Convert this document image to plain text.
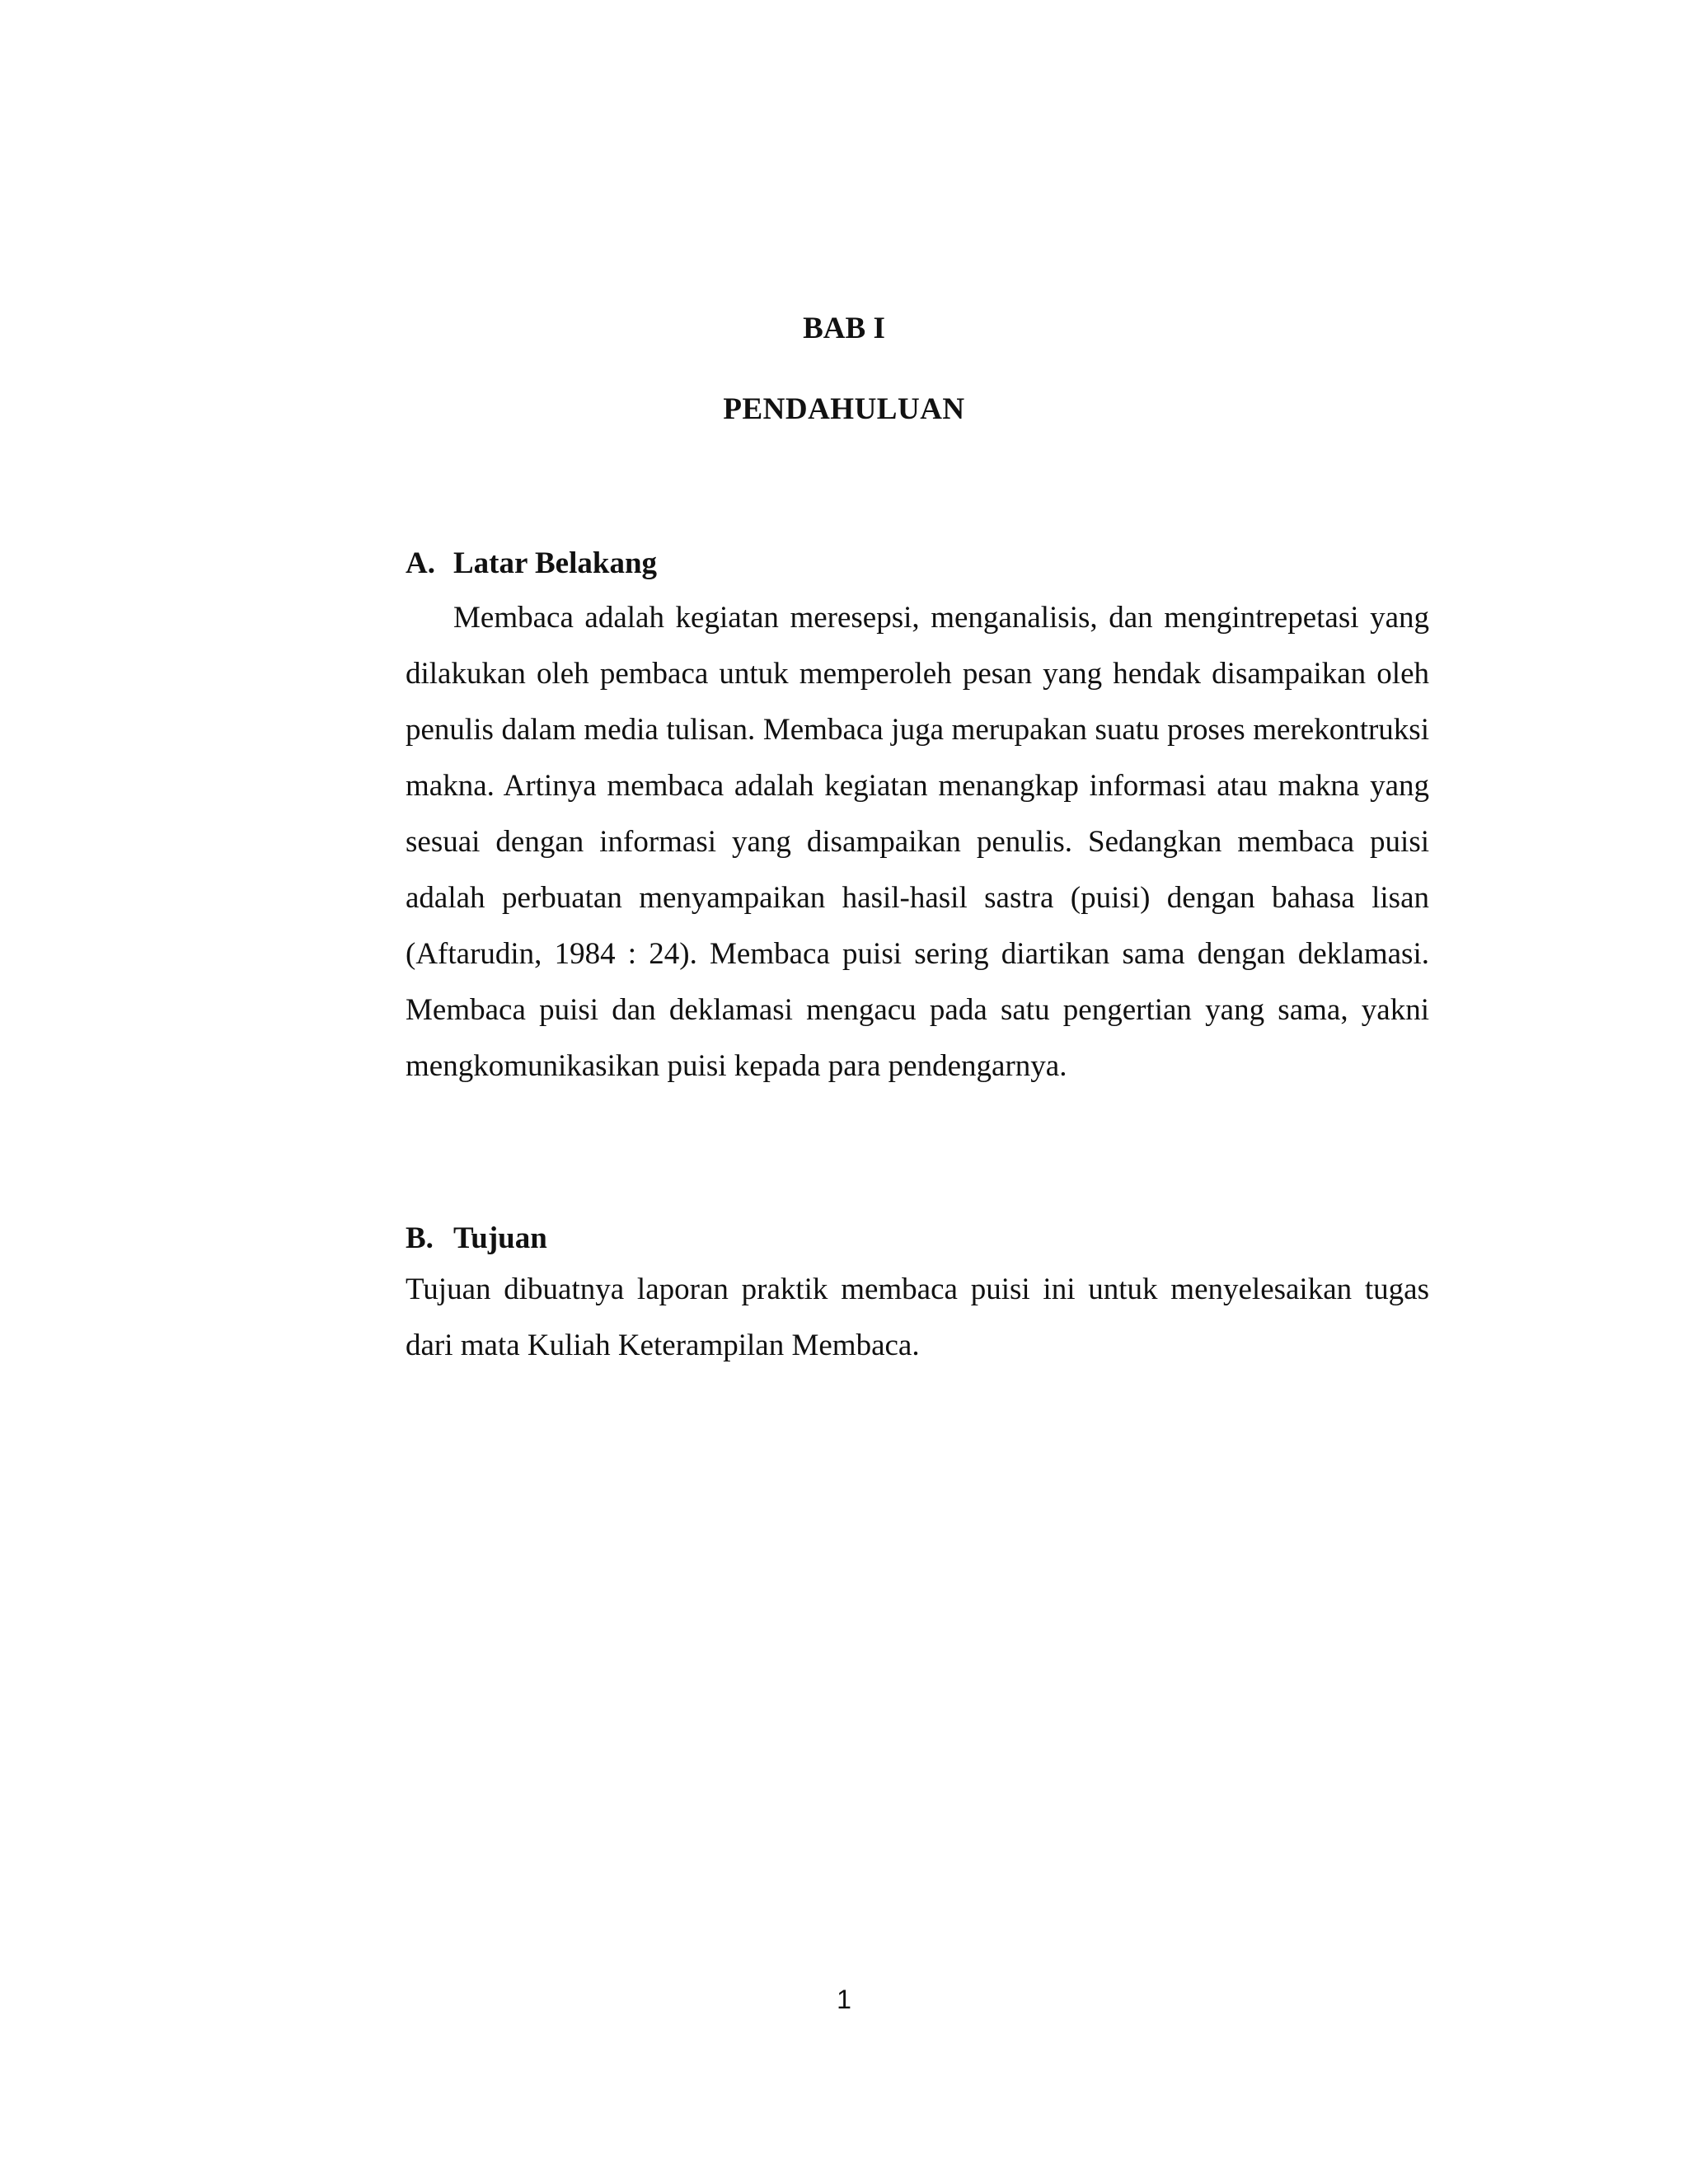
BAB I
PENDAHULUAN
A. Latar Belakang

Membaca adalah kegiatan meresepsi, menganalisis, dan mengintrepetasi yang dilakukan oleh pembaca untuk memperoleh pesan yang hendak disampaikan oleh penulis dalam media tulisan. Membaca juga merupakan suatu proses merekontruksi makna. Artinya membaca adalah kegiatan menangkap informasi atau makna yang sesuai dengan informasi yang disampaikan penulis. Sedangkan membaca puisi adalah perbuatan menyampaikan hasil-hasil sastra (puisi) dengan bahasa lisan (Aftarudin, 1984 : 24). Membaca puisi sering diartikan sama dengan deklamasi. Membaca puisi dan deklamasi mengacu pada satu pengertian yang sama, yakni mengkomunikasikan puisi kepada para pendengarnya.

B. Tujuan

Tujuan dibuatnya laporan praktik membaca puisi ini untuk menyelesaikan tugas dari mata Kuliah Keterampilan Membaca.

1
